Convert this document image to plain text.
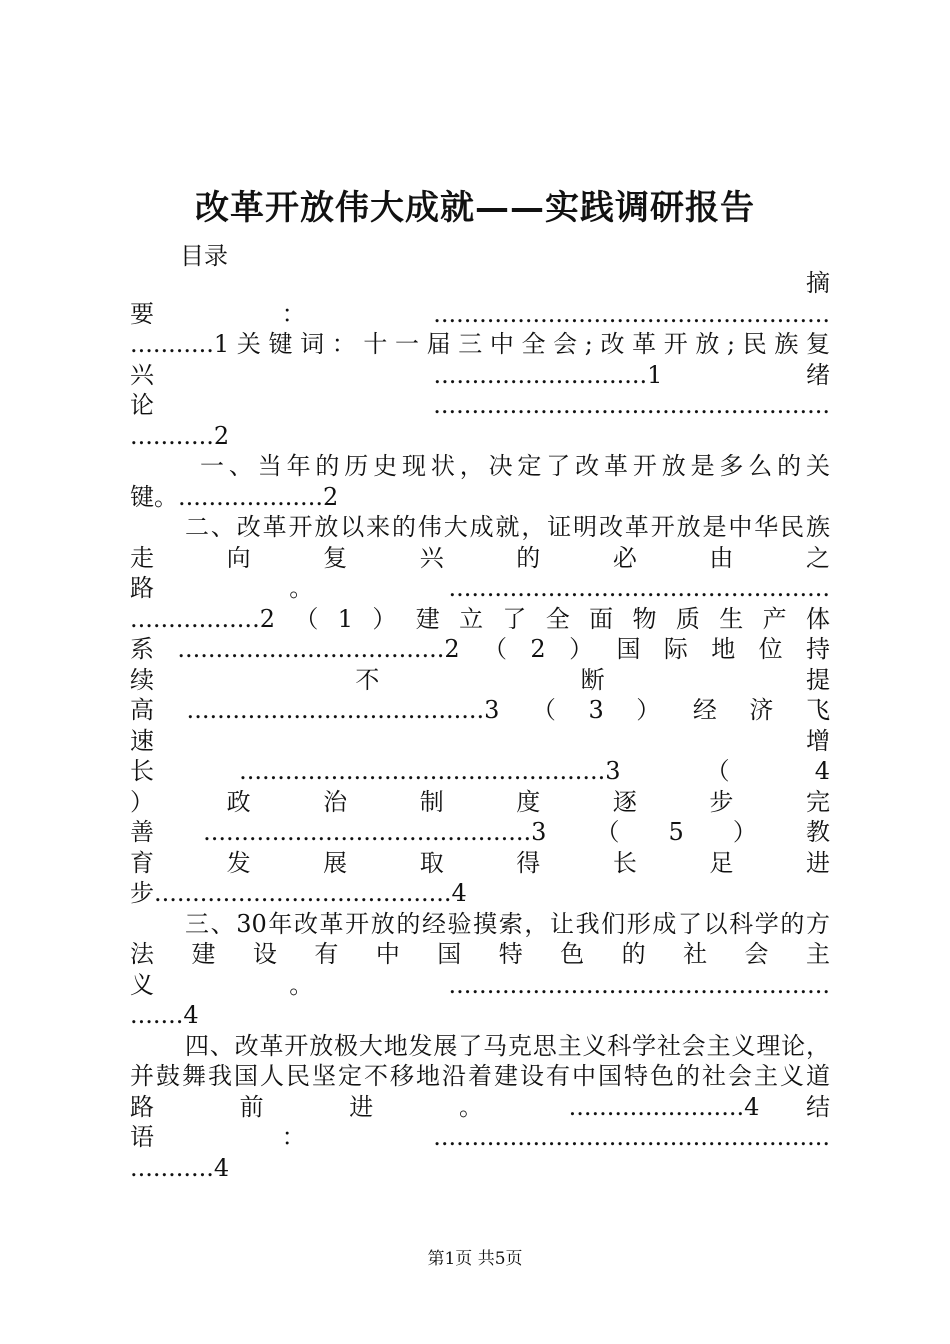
改革开放伟大成就——实践调研报告
目录
摘
要：....................................................
...........1关键词：十一届三中全会;改革开放;民族复
兴 ............................1 绪
论....................................................
...........2
一、当年的历史现状，决定了改革开放是多么的关
键。...................2
二、改革开放以来的伟大成就，证明改革开放是中华民族
走 向 复 兴 的 必 由 之
路。..................................................
.................2（1）建立了全面物质生产体
系...................................2（2）国际地位持
续 不 断 提
高.......................................3（3）经济飞
速 增
长................................................3（4
） 政 治 制 度 逐 步 完
善...........................................3（5）教
育 发 展 取 得 长 足 进
步.......................................4
三、30年改革开放的经验摸索，让我们形成了以科学的方
法 建 设 有 中 国 特 色 的 社 会 主
义。..................................................
.......4
四、改革开放极大地发展了马克思主义科学社会主义理论，
并鼓舞我国人民坚定不移地沿着建设有中国特色的社会主义道
路 前 进 。 .......................4 结
语：....................................................
...........4
第1页 共5页
